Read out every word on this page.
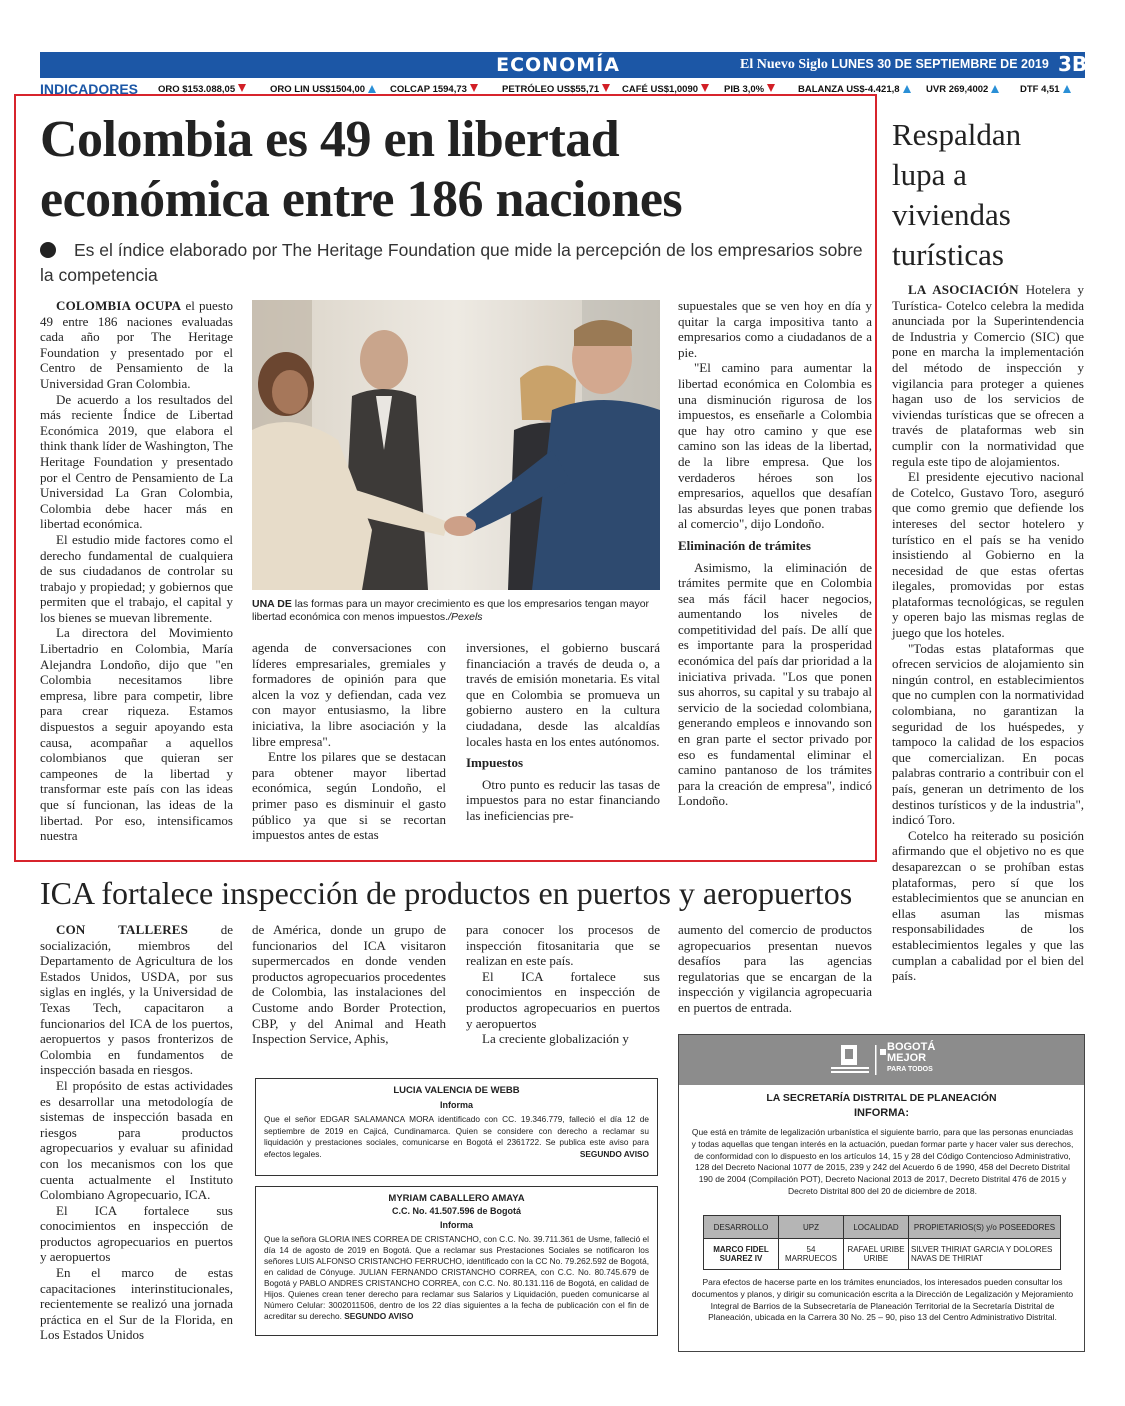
ECONOMÍA	El Nuevo Siglo LUNES 30 DE SEPTIEMBRE DE 2019 3B
INDICADORES ORO $153.088,05	ORO LIN US$1504,00	COLCAP 1594,73	PETRÓLEO US$55,71	CAFÉ US$1,0090	PIB 3,0%	BALANZA US$-4.421,8	UVR 269,4002	DTF 4,51
Colombia es 49 en libertad
económica entre 186 naciones
Es el índice elaborado por The Heritage Foundation que mide la percepción de los empresarios sobre la competencia

COLOMBIA OCUPA el puesto 49 entre 186 naciones evaluadas cada año por The Heritage Foundation y presentado por el Centro de Pensamiento de la Universidad Gran Colombia.

De acuerdo a los resultados del más reciente Índice de Libertad Económica 2019, que elabora el think thank líder de Washington, The Heritage Foundation y presentado por el Centro de Pensamiento de La Universidad La Gran Colombia, Colombia debe hacer más en libertad económica.

El estudio mide factores como el derecho fundamental de cualquiera de sus ciudadanos de controlar su trabajo y propiedad; y gobiernos que permiten que el trabajo, el capital y los bienes se muevan libremente.

La directora del Movimiento Libertadrio en Colombia, María Alejandra Londoño, dijo que "en Colombia necesitamos libre empresa, libre para competir, libre para crear riqueza. Estamos dispuestos a seguir apoyando esta causa, acompañar a aquellos colombianos que quieran ser campeones de la libertad y transformar este país con las ideas que sí funcionan, las ideas de la libertad. Por eso, intensificamos nuestra

UNA DE las formas para un mayor crecimiento es que los empresarios tengan mayor libertad económica con menos impuestos./Pexels

agenda de conversaciones con líderes empresariales, gremiales y formadores de opinión para que alcen la voz y defiendan, cada vez con mayor entusiasmo, la libre iniciativa, la libre asociación y la libre empresa".

Entre los pilares que se destacan para obtener mayor libertad económica, según Londoño, el primer paso es disminuir el gasto público ya que si se recortan impuestos antes de estas

inversiones, el gobierno buscará financiación a través de deuda o, a través de emisión monetaria. Es vital que en Colombia se promueva un gobierno austero en la cultura ciudadana, desde las alcaldías locales hasta en los entes autónomos.

Impuestos

Otro punto es reducir las tasas de impuestos para no estar financiando las ineficiencias pre-

supuestales que se ven hoy en día y quitar la carga impositiva tanto a empresarios como a ciudadanos de a pie.

"El camino para aumentar la libertad económica en Colombia es una disminución rigurosa de los impuestos, es enseñarle a Colombia que hay otro camino y que ese camino son las ideas de la libertad, de la libre empresa. Que los verdaderos héroes son los empresarios, aquellos que desafían las absurdas leyes que ponen trabas al comercio", dijo Londoño.

Eliminación de trámites

Asimismo, la eliminación de trámites permite que en Colombia sea más fácil hacer negocios, aumentando los niveles de competitividad del país. De allí que es importante para la prosperidad económica del país dar prioridad a la iniciativa privada. "Los que ponen sus ahorros, su capital y su trabajo al servicio de la sociedad colombiana, generando empleos e innovando son en gran parte el sector privado por eso es fundamental eliminar el camino pantanoso de los trámites para la creación de empresa", indicó Londoño.

Respaldan lupa a viviendas turísticas

LA ASOCIACIÓN Hotelera y Turística- Cotelco celebra la medida anunciada por la Superintendencia de Industria y Comercio (SIC) que pone en marcha la implementación del método de inspección y vigilancia para proteger a quienes hagan uso de los servicios de viviendas turísticas que se ofrecen a través de plataformas web sin cumplir con la normatividad que regula este tipo de alojamientos.

El presidente ejecutivo nacional de Cotelco, Gustavo Toro, aseguró que como gremio que defiende los intereses del sector hotelero y turístico en el país se ha venido insistiendo al Gobierno en la necesidad de que estas ofertas ilegales, promovidas por estas plataformas tecnológicas, se regulen y operen bajo las mismas reglas de juego que los hoteles.

"Todas estas plataformas que ofrecen servicios de alojamiento sin ningún control, en establecimientos que no cumplen con la normatividad colombiana, no garantizan la seguridad de los huéspedes, y tampoco la calidad de los espacios que comercializan. En pocas palabras contrario a contribuir con el país, generan un detrimento de los destinos turísticos y de la industria", indicó Toro.

Cotelco ha reiterado su posición afirmando que el objetivo no es que desaparezcan o se prohíban estas plataformas, pero sí que los establecimientos que se anuncian en ellas asuman las mismas responsabilidades de los establecimientos legales y que las cumplan a cabalidad por el bien del país.

ICA fortalece inspección de productos en puertos y aeropuertos

CON TALLERES de socialización, miembros del Departamento de Agricultura de los Estados Unidos, USDA, por sus siglas en inglés, y la Universidad de Texas Tech, capacitaron a funcionarios del ICA de los puertos, aeropuertos y pasos fronterizos de Colombia en fundamentos de inspección basada en riesgos.

El propósito de estas actividades es desarrollar una metodología de sistemas de inspección basada en riesgos para productos agropecuarios y evaluar su afinidad con los mecanismos con los que cuenta actualmente el Instituto Colombiano Agropecuario, ICA.

El ICA fortalece sus conocimientos en inspección de productos agropecuarios en puertos y aeropuertos

En el marco de estas capacitaciones interinstitucionales, recientemente se realizó una jornada práctica en el Sur de la Florida, en Los Estados Unidos

de América, donde un grupo de funcionarios del ICA visitaron supermercados en donde venden productos agropecuarios procedentes de Colombia, las instalaciones del Custome ando Border Protection, CBP, y del Animal and Heath Inspection Service, Aphis,

para conocer los procesos de inspección fitosanitaria que se realizan en este país.

El ICA fortalece sus conocimientos en inspección de productos agropecuarios en puertos y aeropuertos

La creciente globalización y

aumento del comercio de productos agropecuarios presentan nuevos desafíos para las agencias regulatorias que se encargan de la inspección y vigilancia agropecuaria en puertos de entrada.

LUCIA VALENCIA DE WEBB
Informa
Que el señor EDGAR SALAMANCA MORA identificado con CC. 19.346.779, falleció el día 12 de septiembre de 2019 en Cajicá, Cundinamarca. Quien se considere con derecho a reclamar su liquidación y prestaciones sociales, comunicarse en Bogotá el 2361722. Se publica este aviso para efectos legales.	SEGUNDO AVISO
MYRIAM CABALLERO AMAYA
C.C. No. 41.507.596 de Bogotá
Informa
Que la señora GLORIA INES CORREA DE CRISTANCHO, con C.C. No. 39.711.361 de Usme, falleció el día 14 de agosto de 2019 en Bogotá. Que a reclamar sus Prestaciones Sociales se notificaron los señores LUIS ALFONSO CRISTANCHO FERRUCHO, identificado con la CC No. 79.262.592 de Bogotá, en calidad de Cónyuge. JULIAN FERNANDO CRISTANCHO CORREA, con C.C. No. 80.745.679 de Bogotá y PABLO ANDRES CRISTANCHO CORREA, con C.C. No. 80.131.116 de Bogotá, en calidad de Hijos. Quienes crean tener derecho para reclamar sus Salarios y Liquidación, pueden comunicarse al Número Celular: 3002011506, dentro de los 22 días siguientes a la fecha de publicación con el fin de acreditar su derecho. SEGUNDO AVISO
BOGOTÁ
MEJOR
PARA TODOS
LA SECRETARÍA DISTRITAL DE PLANEACIÓN
INFORMA:
Que está en trámite de legalización urbanística el siguiente barrio, para que las personas enunciadas y todas aquellas que tengan interés en la actuación, puedan formar parte y hacer valer sus derechos, de conformidad con lo dispuesto en los artículos 14, 15 y 28 del Código Contencioso Administrativo, 128 del Decreto Nacional 1077 de 2015, 239 y 242 del Acuerdo 6 de 1990, 458 del Decreto Distrital 190 de 2004 (Compilación POT), Decreto Nacional 2013 de 2017, Decreto Distrital 476 de 2015 y Decreto Distrital 800 del 20 de diciembre de 2018.
DESARROLLO	UPZ	LOCALIDAD	PROPIETARIOS(S) y/o POSEEDORES
MARCO FIDEL SUAREZ IV	54 MARRUECOS	RAFAEL URIBE URIBE	SILVER THIRIAT GARCIA Y DOLORES NAVAS DE THIRIAT
Para efectos de hacerse parte en los trámites enunciados, los interesados pueden consultar los documentos y planos, y dirigir su comunicación escrita a la Dirección de Legalización y Mejoramiento Integral de Barrios de la Subsecretaría de Planeación Territorial de la Secretaría Distrital de Planeación, ubicada en la Carrera 30 No. 25 – 90, piso 13 del Centro Administrativo Distrital.
